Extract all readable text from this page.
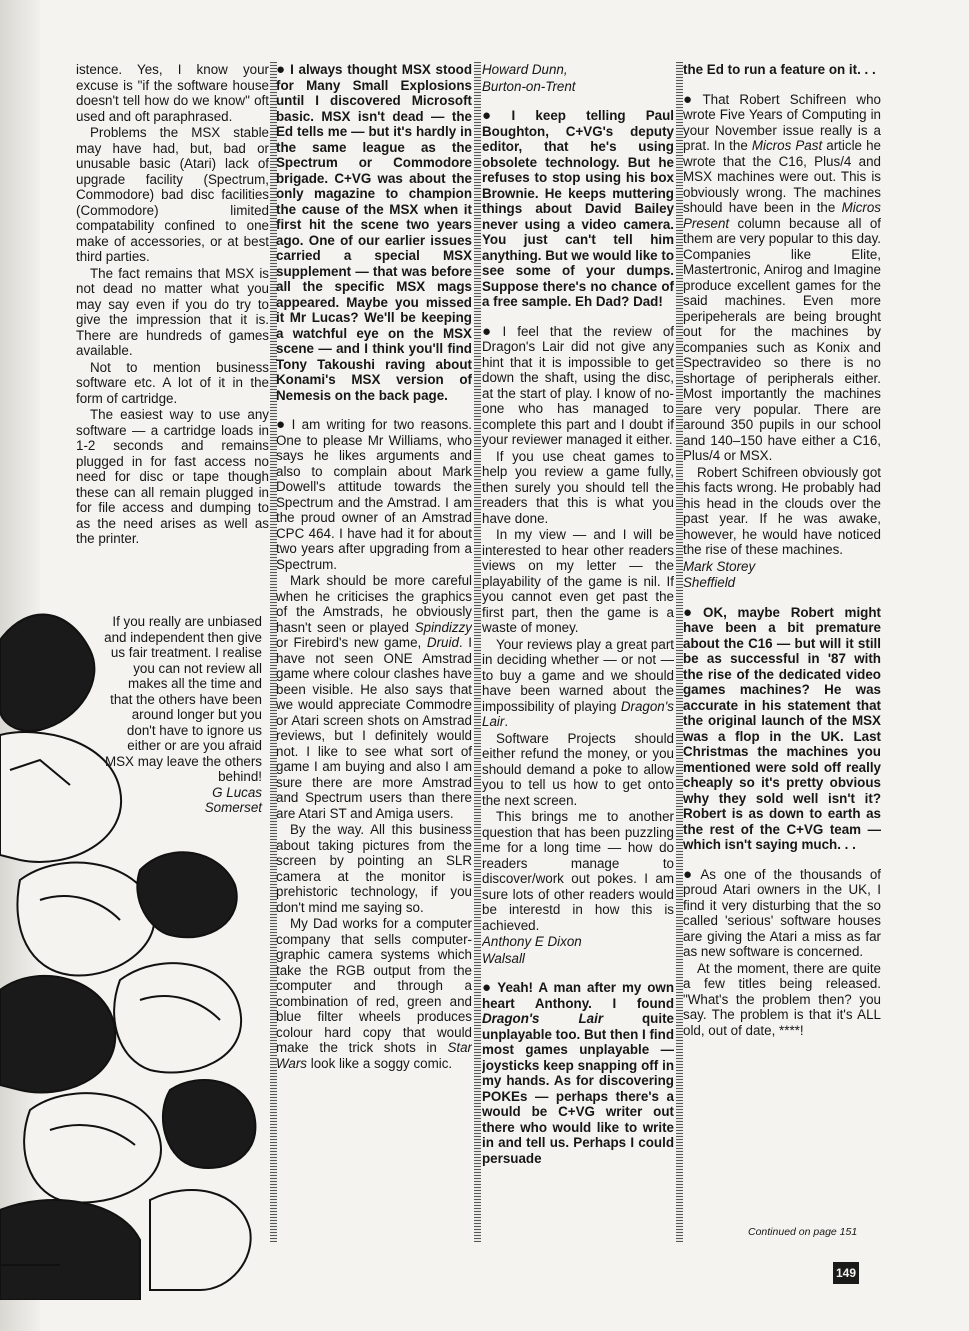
istence. Yes, I know your excuse is "if the software house doesn't tell how do we know" oft used and oft paraphrased.

Problems the MSX stable may have had, but, bad or unusable basic (Atari) lack of upgrade facility (Spectrum, Commodore) bad disc facilities (Commodore) limited compatability confined to one make of accessories, or at best third parties.

The fact remains that MSX is not dead no matter what you may say even if you do try to give the impression that it is. There are hundreds of games available.

Not to mention business software etc. A lot of it in the form of cartridge.

The easiest way to use any software — a cartridge loads in 1-2 seconds and remains plugged in for fast access no need for disc or tape though these can all remain plugged in for file access and dumping to as the need arises as well as the printer.

If you really are unbiased and independent then give us fair treatment. I realise you can not review all makes all the time and that the others have been around longer but you don't have to ignore us either or are you afraid MSX may leave the others behind!

G Lucas

Somerset

● I always thought MSX stood for Many Small Explosions until I discovered Microsoft basic. MSX isn't dead — the Ed tells me — but it's hardly in the same league as the Spectrum or Commodore brigade. C+VG was about the only magazine to champion the cause of the MSX when it first hit the scene two years ago. One of our earlier issues carried a special MSX supplement — that was before all the specific MSX mags appeared. Maybe you missed it Mr Lucas? We'll be keeping a watchful eye on the MSX scene — and I think you'll find Tony Takoushi raving about Konami's MSX version of Nemesis on the back page.

● I am writing for two reasons. One to please Mr Williams, who says he likes arguments and also to complain about Mark Dowell's attitude towards the Spectrum and the Amstrad. I am the proud owner of an Amstrad CPC 464. I have had it for about two years after upgrading from a Spectrum.

Mark should be more careful when he criticises the graphics of the Amstrads, he obviously hasn't seen or played Spindizzy or Firebird's new game, Druid. I have not seen ONE Amstrad game where colour clashes have been visible. He also says that we would appreciate Commodre or Atari screen shots on Amstrad reviews, but I definitely would not. I like to see what sort of game I am buying and also I am sure there are more Amstrad and Spectrum users than there are Atari ST and Amiga users.

By the way. All this business about taking pictures from the screen by pointing an SLR camera at the monitor is prehistoric technology, if you don't mind me saying so.

My Dad works for a computer company that sells computer-graphic camera systems which take the RGB output from the computer and through a combination of red, green and blue filter wheels produces colour hard copy that would make the trick shots in Star Wars look like a soggy comic.

Howard Dunn,

Burton-on-Trent

● I keep telling Paul Boughton, C+VG's deputy editor, that he's using obsolete technology. But he refuses to stop using his box Brownie. He keeps muttering things about David Bailey never using a video camera. You just can't tell him anything. But we would like to see some of your dumps. Suppose there's no chance of a free sample. Eh Dad? Dad!

● I feel that the review of Dragon's Lair did not give any hint that it is impossible to get down the shaft, using the disc, at the start of play. I know of no-one who has managed to complete this part and I doubt if your reviewer managed it either.

If you use cheat games to help you review a game fully, then surely you should tell the readers that this is what you have done.

In my view — and I will be interested to hear other readers views on my letter — the playability of the game is nil. If you cannot even get past the first part, then the game is a waste of money.

Your reviews play a great part in deciding whether — or not — to buy a game and we should have been warned about the impossibility of playing Dragon's Lair.

Software Projects should either refund the money, or you should demand a poke to allow you to tell us how to get onto the next screen.

This brings me to another question that has been puzzling me for a long time — how do readers manage to discover/work out pokes. I am sure lots of other readers would be interestd in how this is achieved.

Anthony E Dixon

Walsall

● Yeah! A man after my own heart Anthony. I found Dragon's Lair quite unplayable too. But then I find most games unplayable — joysticks keep snapping off in my hands. As for discovering POKEs — perhaps there's a would be C+VG writer out there who would like to write in and tell us. Perhaps I could persuade

the Ed to run a feature on it. . .

● That Robert Schifreen who wrote Five Years of Computing in your November issue really is a prat. In the Micros Past article he wrote that the C16, Plus/4 and MSX machines were out. This is obviously wrong. The machines should have been in the Micros Present column because all of them are very popular to this day. Companies like Elite, Mastertronic, Anirog and Imagine produce excellent games for the said machines. Even more peripeherals are being brought out for the machines by companies such as Konix and Spectravideo so there is no shortage of peripherals either. Most importantly the machines are very popular. There are around 350 pupils in our school and 140–150 have either a C16, Plus/4 or MSX.

Robert Schifreen obviously got his facts wrong. He probably had his head in the clouds over the past year. If he was awake, however, he would have noticed the rise of these machines.

Mark Storey

Sheffield

● OK, maybe Robert might have been a bit premature about the C16 — but will it still be as successful in '87 with the rise of the dedicated video games machines? He was accurate in his statement that the original launch of the MSX was a flop in the UK. Last Christmas the machines you mentioned were sold off really cheaply so it's pretty obvious why they sold well isn't it? Robert is as down to earth as the rest of the C+VG team — which isn't saying much. . .

● As one of the thousands of proud Atari owners in the UK, I find it very disturbing that the so called 'serious' software houses are giving the Atari a miss as far as new software is concerned.

At the moment, there are quite a few titles being released. "What's the problem then? you say. The problem is that it's ALL old, out of date, ****!

Continued on page 151
149
